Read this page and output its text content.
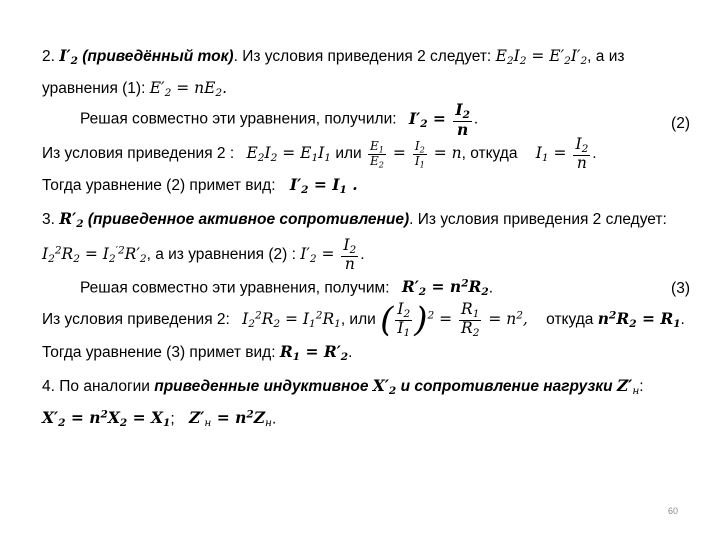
2. $I'_2$ (приведённый ток). Из условия приведения 2 следует: $E_2I_2 = E'_2I'_2$, а из
уравнения (1): $E'_2 = nE_2$.
Решая совместно эти уравнения, получили: $I'_2 = \frac{I_2}{n}$ .	(2)
Из условия приведения 2 : $E_2I_2 = E_1I_1$ или $\frac{E_1}{E_2} = \frac{I_2}{I_1} = n$, откуда $I_1 = \frac{I_2}{n}$ .
Тогда уравнение (2) примет вид: $I'_2 = I_1$ .
3. $R'_2$ (приведенное активное сопротивление). Из условия приведения 2 следует:
$I_2^2R_2 = I_2^{'2}R'_2$, а из уравнения (2) : $I'_2 = \frac{I_2}{n}$ .
Решая совместно эти уравнения, получим: $R'_2 = n^2R_2$.	(3)
Из условия приведения 2: $I_2^2R_2 = I_1^2R_1$, или ( $\frac{I_2}{I_1} )^2 = \frac{R_1}{R_2} = n^2$, откуда $n^2R_2 = R_1$.
Тогда уравнение (3) примет вид: $R_1 = R'_2$.
4. По аналогии приведенные индуктивное $X'_2$ и сопротивление нагрузки $Z'_н$:
$X'_2 = n^2X_2 = X_1$; $Z'_н = n^2Z_н$.
60
